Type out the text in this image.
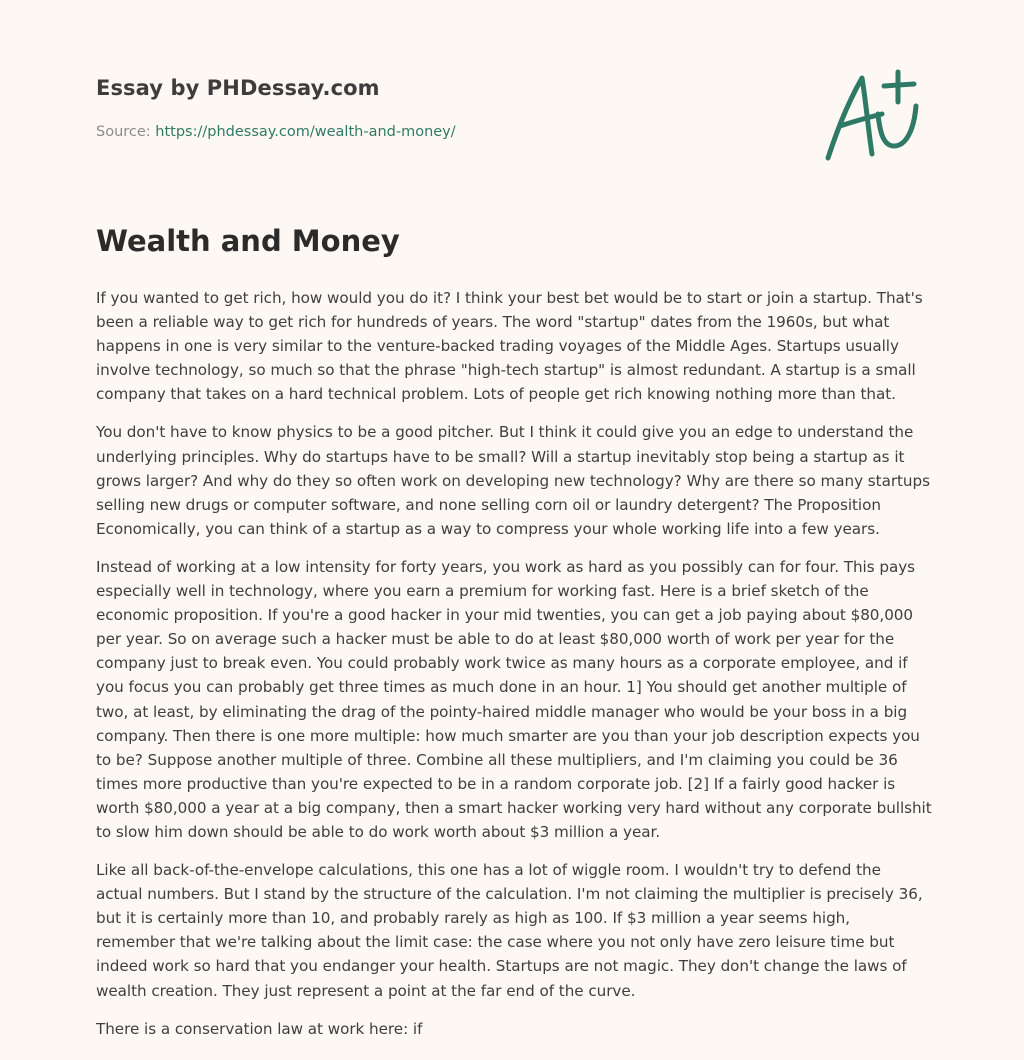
Essay by PHDessay.com
Source: https://phdessay.com/wealth-and-money/
Wealth and Money

If you wanted to get rich, how would you do it? I think your best bet would be to start or join a startup. That's been a reliable way to get rich for hundreds of years. The word "startup" dates from the 1960s, but what happens in one is very similar to the venture-backed trading voyages of the Middle Ages. Startups usually involve technology, so much so that the phrase "high-tech startup" is almost redundant. A startup is a small company that takes on a hard technical problem. Lots of people get rich knowing nothing more than that.

You don't have to know physics to be a good pitcher. But I think it could give you an edge to understand the underlying principles. Why do startups have to be small? Will a startup inevitably stop being a startup as it grows larger? And why do they so often work on developing new technology? Why are there so many startups selling new drugs or computer software, and none selling corn oil or laundry detergent? The Proposition Economically, you can think of a startup as a way to compress your whole working life into a few years.

Instead of working at a low intensity for forty years, you work as hard as you possibly can for four. This pays especially well in technology, where you earn a premium for working fast. Here is a brief sketch of the economic proposition. If you're a good hacker in your mid twenties, you can get a job paying about $80,000 per year. So on average such a hacker must be able to do at least $80,000 worth of work per year for the company just to break even. You could probably work twice as many hours as a corporate employee, and if you focus you can probably get three times as much done in an hour. 1] You should get another multiple of two, at least, by eliminating the drag of the pointy-haired middle manager who would be your boss in a big company. Then there is one more multiple: how much smarter are you than your job description expects you to be? Suppose another multiple of three. Combine all these multipliers, and I'm claiming you could be 36 times more productive than you're expected to be in a random corporate job. [2] If a fairly good hacker is worth $80,000 a year at a big company, then a smart hacker working very hard without any corporate bullshit to slow him down should be able to do work worth about $3 million a year.

Like all back-of-the-envelope calculations, this one has a lot of wiggle room. I wouldn't try to defend the actual numbers. But I stand by the structure of the calculation. I'm not claiming the multiplier is precisely 36, but it is certainly more than 10, and probably rarely as high as 100. If $3 million a year seems high, remember that we're talking about the limit case: the case where you not only have zero leisure time but indeed work so hard that you endanger your health. Startups are not magic. They don't change the laws of wealth creation. They just represent a point at the far end of the curve.

There is a conservation law at work here: if
